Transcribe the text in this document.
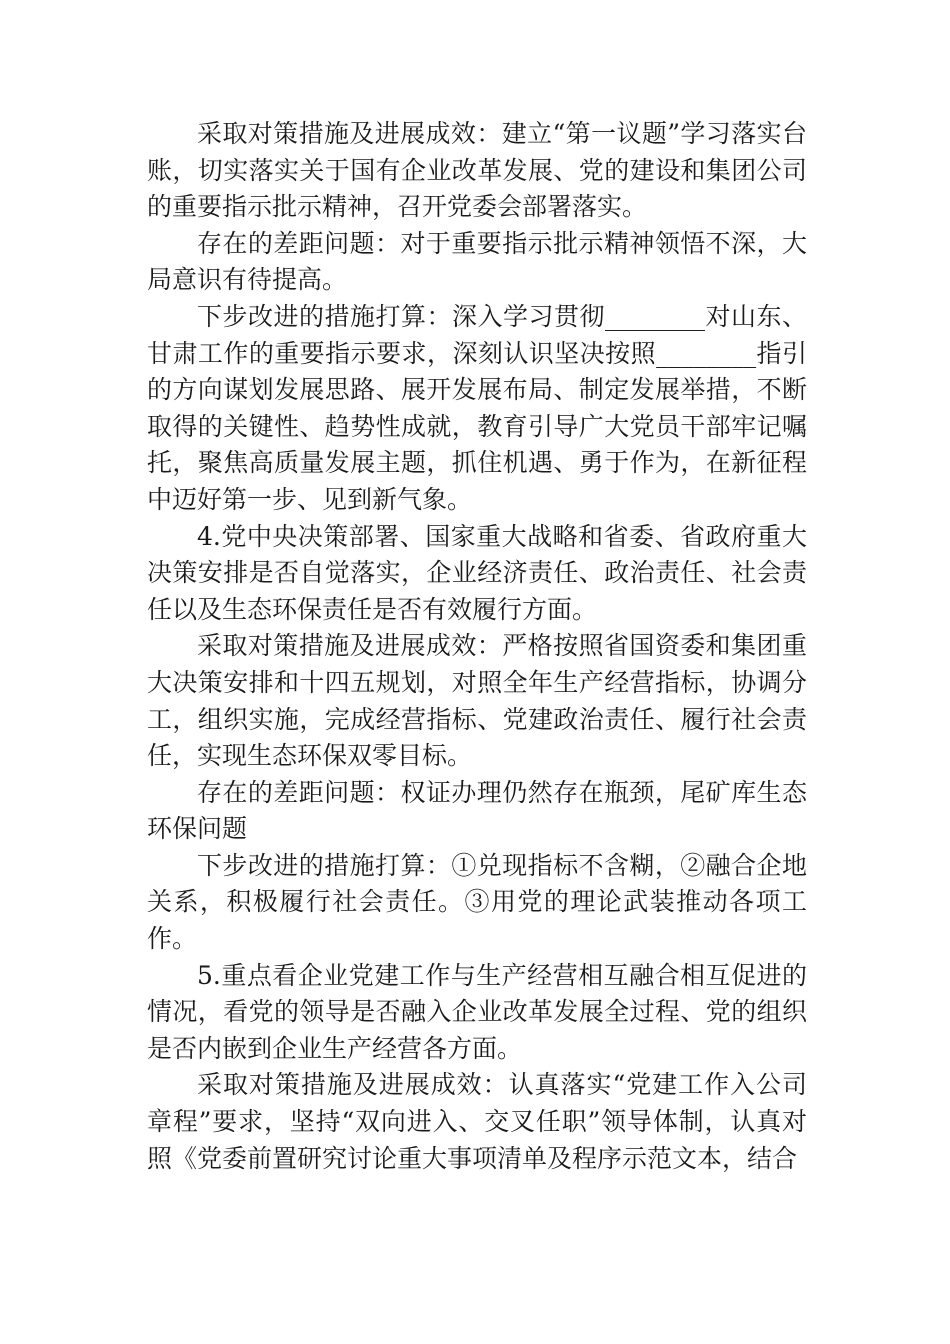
采取对策措施及进展成效：建立“第一议题”学习落实台账，切实落实关于国有企业改革发展、党的建设和集团公司的重要指示批示精神，召开党委会部署落实。

存在的差距问题：对于重要指示批示精神领悟不深，大局意识有待提高。

下步改进的措施打算：深入学习贯彻________对山东、甘肃工作的重要指示要求，深刻认识坚决按照________指引的方向谋划发展思路、展开发展布局、制定发展举措，不断取得的关键性、趋势性成就，教育引导广大党员干部牢记嘱托，聚焦高质量发展主题，抓住机遇、勇于作为，在新征程中迈好第一步、见到新气象。

4.党中央决策部署、国家重大战略和省委、省政府重大决策安排是否自觉落实，企业经济责任、政治责任、社会责任以及生态环保责任是否有效履行方面。

采取对策措施及进展成效：严格按照省国资委和集团重大决策安排和十四五规划，对照全年生产经营指标，协调分工，组织实施，完成经营指标、党建政治责任、履行社会责任，实现生态环保双零目标。

存在的差距问题：权证办理仍然存在瓶颈，尾矿库生态环保问题

下步改进的措施打算：①兑现指标不含糊，②融合企地关系，积极履行社会责任。③用党的理论武装推动各项工作。

5.重点看企业党建工作与生产经营相互融合相互促进的情况，看党的领导是否融入企业改革发展全过程、党的组织是否内嵌到企业生产经营各方面。

采取对策措施及进展成效：认真落实“党建工作入公司章程”要求，坚持“双向进入、交叉任职”领导体制，认真对照《党委前置研究讨论重大事项清单及程序示范文本，结合
